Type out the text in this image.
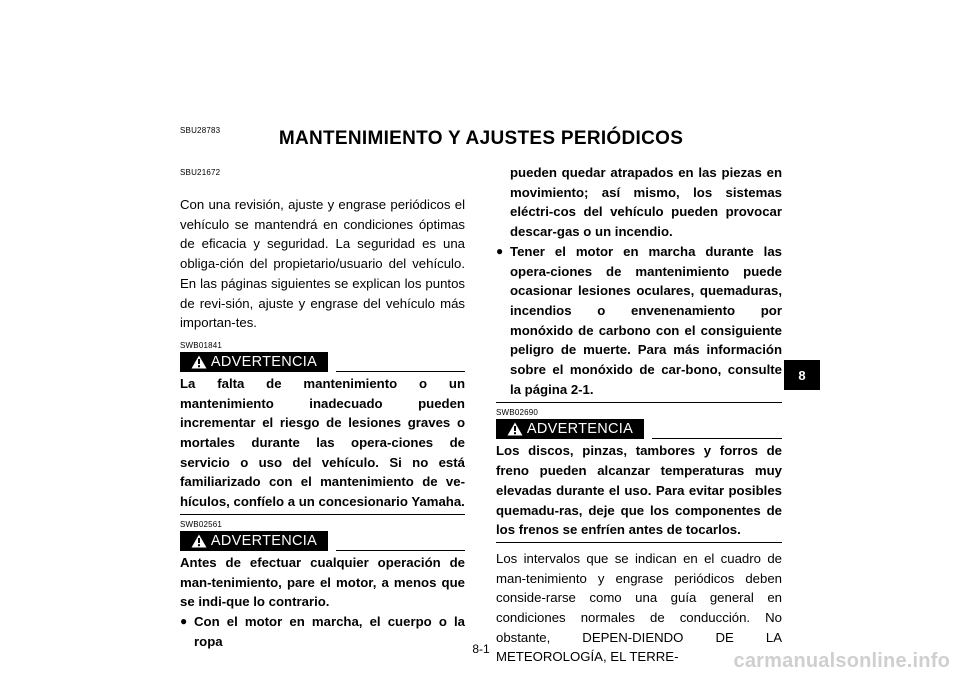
SBU28783	MANTENIMIENTO Y AJUSTES PERIÓDICOS
SBU21672

Con una revisión, ajuste y engrase periódicos el vehículo se mantendrá en condiciones óptimas de eficacia y seguridad. La seguridad es una obliga-ción del propietario/usuario del vehículo. En las páginas siguientes se explican los puntos de revi-sión, ajuste y engrase del vehículo más importan-tes.

SWB01841
ADVERTENCIA

La falta de mantenimiento o un mantenimiento inadecuado pueden incrementar el riesgo de lesiones graves o mortales durante las opera-ciones de servicio o uso del vehículo. Si no está familiarizado con el mantenimiento de ve-hículos, confíelo a un concesionario Yamaha.

SWB02561
ADVERTENCIA

Antes de efectuar cualquier operación de man-tenimiento, pare el motor, a menos que se indi-que lo contrario.

● Con el motor en marcha, el cuerpo o la ropa
pueden quedar atrapados en las piezas en movimiento; así mismo, los sistemas eléctri-cos del vehículo pueden provocar descar-gas o un incendio.
● Tener el motor en marcha durante las opera-ciones de mantenimiento puede ocasionar lesiones oculares, quemaduras, incendios o envenenamiento por monóxido de carbono con el consiguiente peligro de muerte. Para más información sobre el monóxido de car-bono, consulte la página 2-1.
SWB02690
ADVERTENCIA

Los discos, pinzas, tambores y forros de freno pueden alcanzar temperaturas muy elevadas durante el uso. Para evitar posibles quemadu-ras, deje que los componentes de los frenos se enfríen antes de tocarlos.

Los intervalos que se indican en el cuadro de man-tenimiento y engrase periódicos deben conside-rarse como una guía general en condiciones normales de conducción. No obstante, DEPEN-DIENDO DE LA METEOROLOGÍA, EL TERRE-

8-1
8
carmanualsonline.info
